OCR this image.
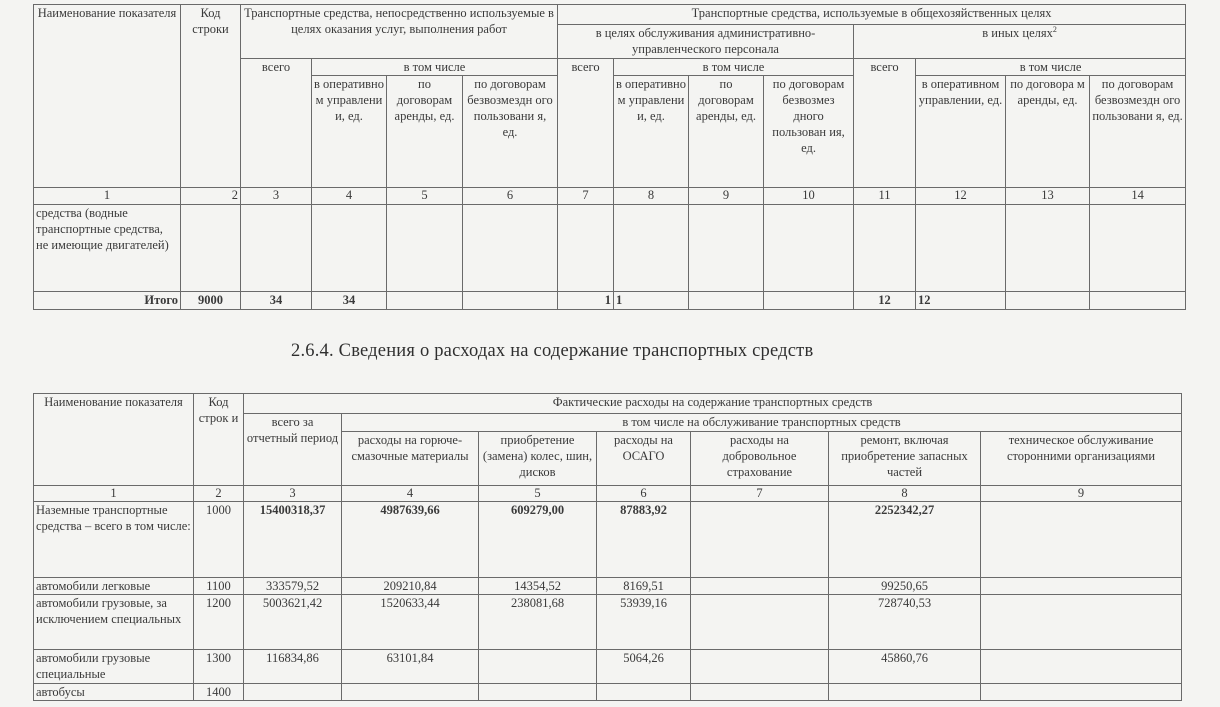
Наименование показателя	Код строки	Транспортные средства, непосредственно используемые в целях оказания услуг, выполнения работ				Транспортные средства, используемые в общехозяйственных целях							
						в целях обслуживания административно-управленческого персонала				в иных целях$^2$
		всего	в том числе			всего	в том числе			всего	в том числе		
			в оперативно м управлени и, ед.	по договорам аренды, ед.	по договорам безвозмездн ого пользовани я, ед.		в оперативно м управлени и, ед.	по договорам аренды, ед.	по договорам безвозмез дного пользован ия, ед.		в оперативном управлении, ед.	по договора м аренды, ед.	по договорам безвозмездн ого пользовани я, ед.
1	2	3	4	5	6	7	8	9	10	11	12	13	14
средства (водные транспортные средства, не имеющие двигателей)													
Итого	9000	34	34			1	1			12	12		
2.6.4. Сведения о расходах на содержание транспортных средств
Наименование показателя	Код строк и	Фактические расходы на содержание транспортных средств						
		всего за отчетный период	в том числе на обслуживание транспортных средств					
			расходы на горюче-смазочные материалы	приобретение (замена) колес, шин, дисков	расходы на ОСАГО	расходы на добровольное страхование	ремонт, включая приобретение запасных частей	техническое обслуживание сторонними организациями
1	2	3	4	5	6	7	8	9
Наземные транспортные средства – всего в том числе:	1000	15400318,37	4987639,66	609279,00	87883,92		2252342,27	
автомобили легковые	1100	333579,52	209210,84	14354,52	8169,51		99250,65	
автомобили грузовые, за исключением специальных	1200	5003621,42	1520633,44	238081,68	53939,16		728740,53	
автомобили грузовые специальные	1300	116834,86	63101,84		5064,26		45860,76	
автобусы	1400							
